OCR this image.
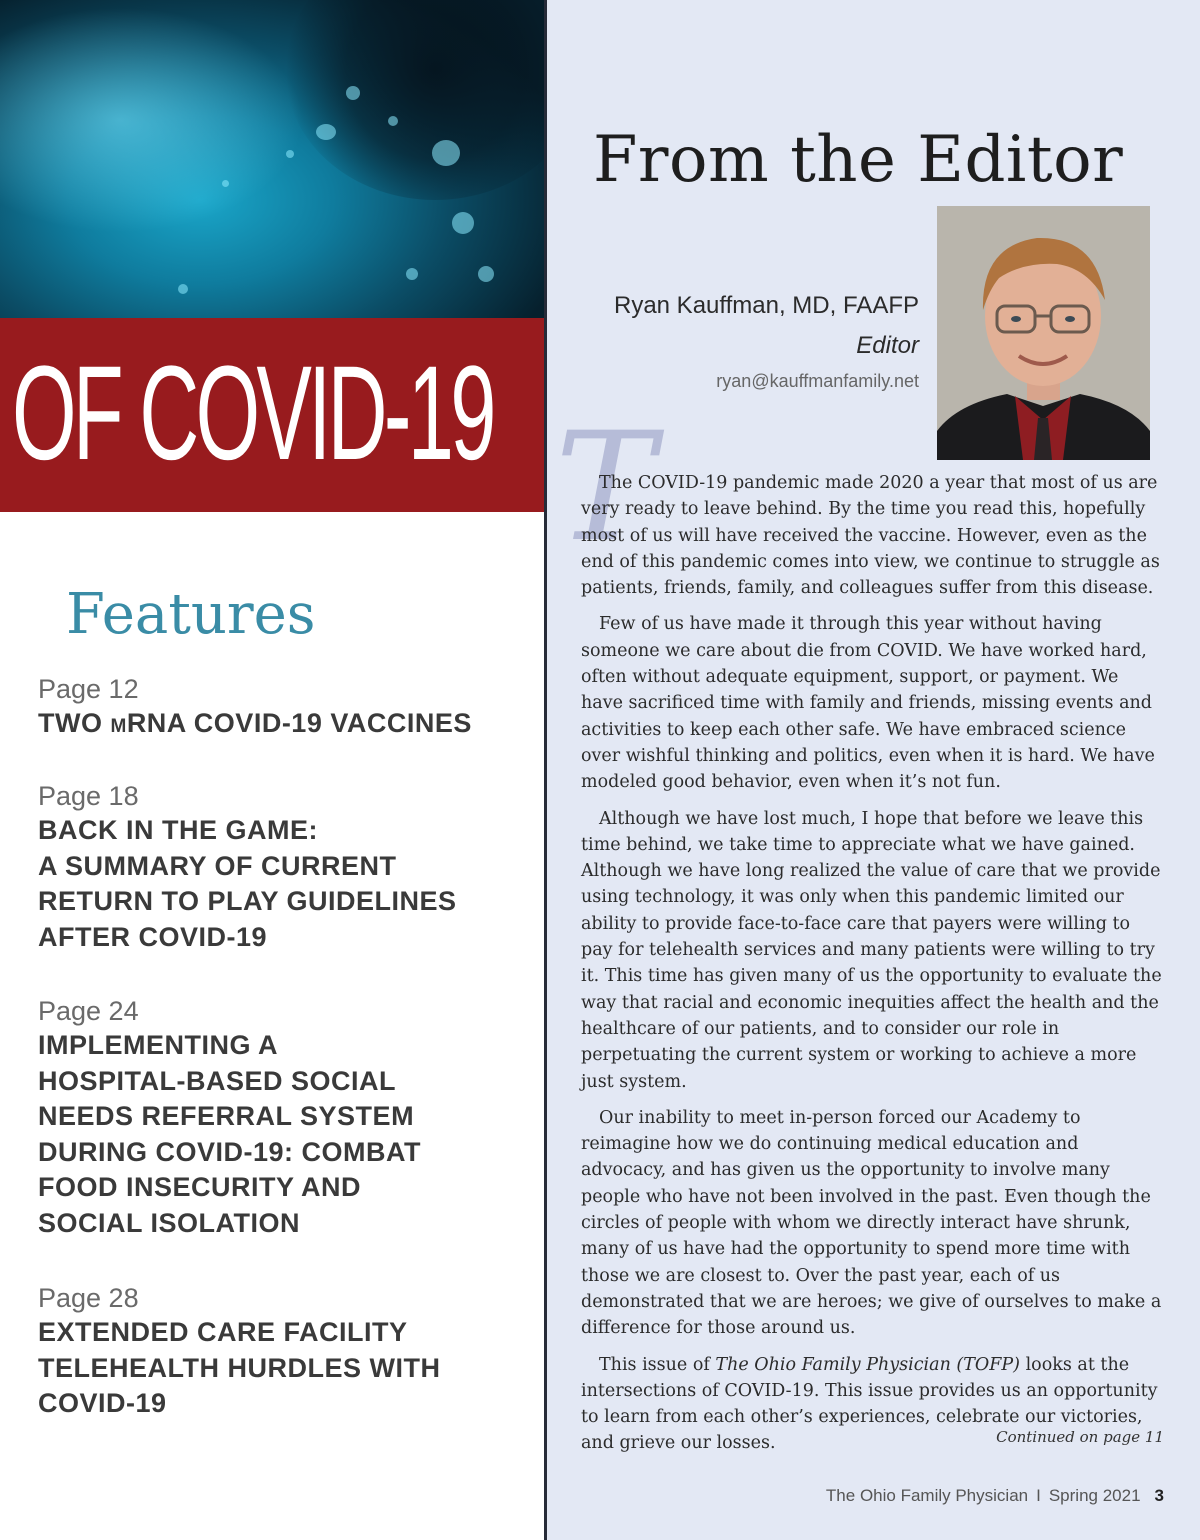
OF COVID-19
Features
Page 12
TWO MRNA COVID-19 VACCINES
Page 18
BACK IN THE GAME:
A SUMMARY OF CURRENT
RETURN TO PLAY GUIDELINES
AFTER COVID-19
Page 24
IMPLEMENTING A
HOSPITAL-BASED SOCIAL
NEEDS REFERRAL SYSTEM
DURING COVID-19: COMBAT
FOOD INSECURITY AND
SOCIAL ISOLATION
Page 28
EXTENDED CARE FACILITY
TELEHEALTH HURDLES WITH
COVID-19
From the Editor
Ryan Kauffman, MD, FAAFP
Editor
ryan@kauffmanfamily.net
T

The COVID-19 pandemic made 2020 a year that most of us are very ready to leave behind. By the time you read this, hopefully most of us will have received the vaccine. However, even as the end of this pandemic comes into view, we continue to struggle as patients, friends, family, and colleagues suffer from this disease.

Few of us have made it through this year without having someone we care about die from COVID. We have worked hard, often without adequate equipment, support, or payment. We have sacrificed time with family and friends, missing events and activities to keep each other safe. We have embraced science over wishful thinking and politics, even when it is hard. We have modeled good behavior, even when it’s not fun.

Although we have lost much, I hope that before we leave this time behind, we take time to appreciate what we have gained. Although we have long realized the value of care that we provide using technology, it was only when this pandemic limited our ability to provide face-to-face care that payers were willing to pay for telehealth services and many patients were willing to try it. This time has given many of us the opportunity to evaluate the way that racial and economic inequities affect the health and the healthcare of our patients, and to consider our role in perpetuating the current system or working to achieve a more just system.

Our inability to meet in-person forced our Academy to reimagine how we do continuing medical education and advocacy, and has given us the opportunity to involve many people who have not been involved in the past. Even though the circles of people with whom we directly interact have shrunk, many of us have had the opportunity to spend more time with those we are closest to. Over the past year, each of us demonstrated that we are heroes; we give of ourselves to make a difference for those around us.

This issue of The Ohio Family Physician (TOFP) looks at the intersections of COVID-19. This issue provides us an opportunity to learn from each other’s experiences, celebrate our victories, and grieve our losses.	Continued on page 11
The Ohio Family Physician I Spring 2021 3
